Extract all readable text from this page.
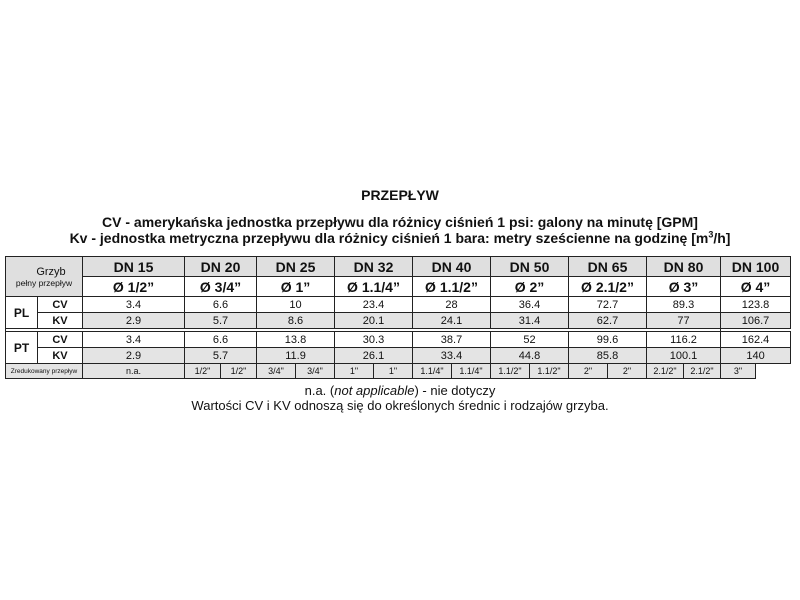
PRZEPŁYW
CV - amerykańska jednostka przepływu dla różnicy ciśnień 1 psi: galony na minutę [GPM]
Kv - jednostka metryczna przepływu dla różnicy ciśnień 1 bara: metry sześcienne na godzinę $[m^3/h]$
Grzyb
pełny przepływ		DN 15	DN 20		DN 25		DN 32		DN 40		DN 50		DN 65		DN 80		DN 100
		Ø 1/2”	Ø 3/4”		Ø 1”		Ø 1.1/4”		Ø 1.1/2”		Ø 2”		Ø 2.1/2”		Ø 3”		Ø 4”
PL	CV	3.4	6.6		10		23.4		28		36.4		72.7		89.3		123.8
	KV	2.9	5.7		8.6		20.1		24.1		31.4		62.7		77		106.7

PT	CV	3.4	6.6		13.8		30.3		38.7		52		99.6		116.2		162.4
	KV	2.9	5.7		11.9		26.1		33.4		44.8		85.8		100.1		140
Zredukowany przepływ		n.a.	1/2"	1/2"	3/4"	3/4"	1"	1"	1.1/4"	1.1/4"	1.1/2"	1.1/2"	2"	2"	2.1/2"	2.1/2"	3"
n.a. (not applicable) - nie dotyczy
Wartości CV i KV odnoszą się do określonych średnic i rodzajów grzyba.
